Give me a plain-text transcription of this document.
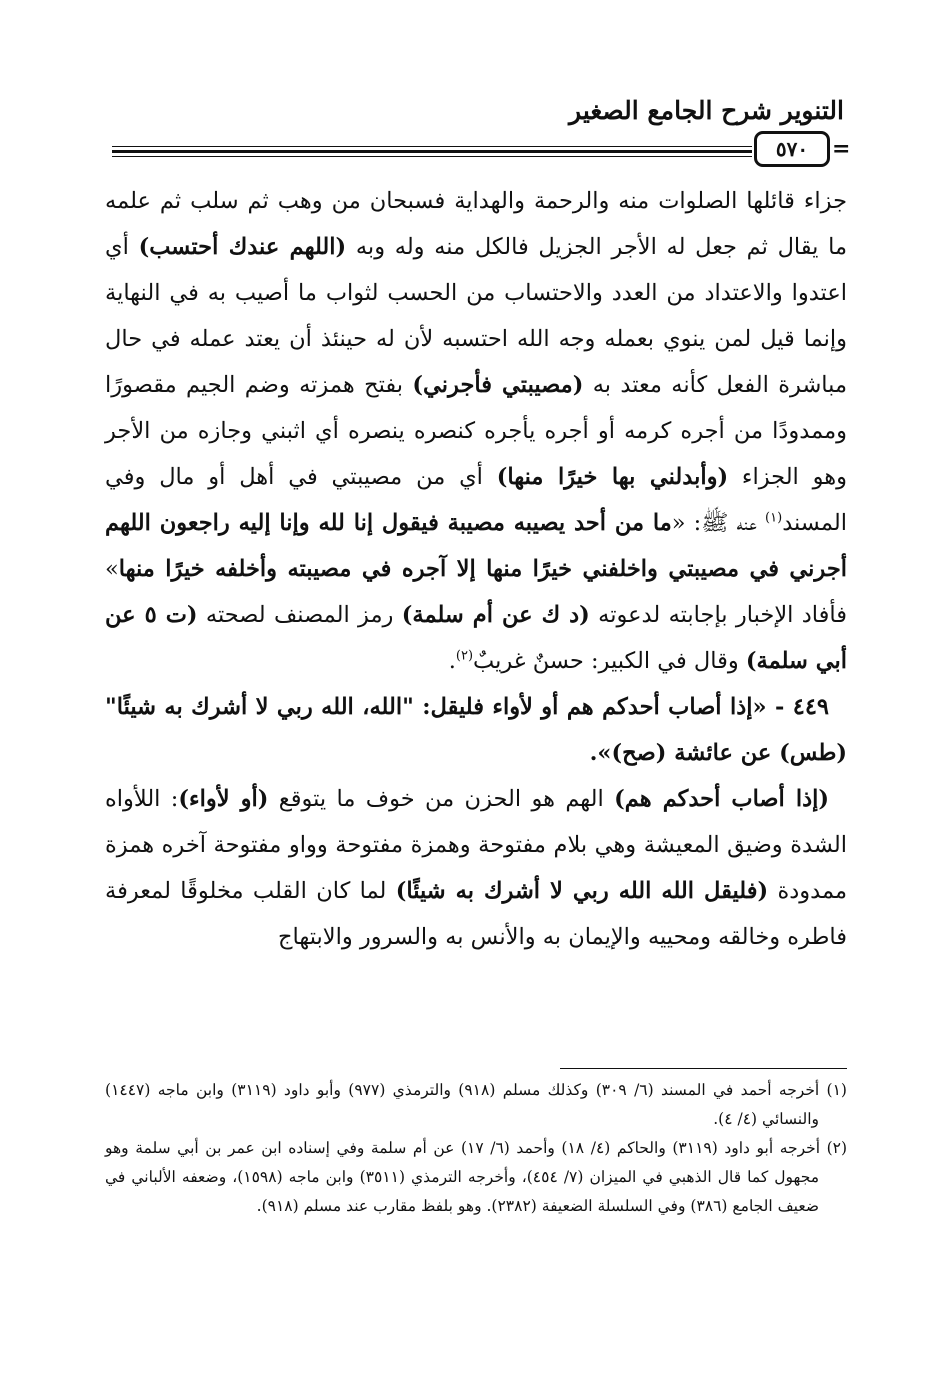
التنوير شرح الجامع الصغير
٥٧٠ =

جزاء قائلها الصلوات منه والرحمة والهداية فسبحان من وهب ثم سلب ثم علمه ما يقال ثم جعل له الأجر الجزيل فالكل منه وله وبه (اللهم عندك أحتسب) أي اعتدوا والاعتداد من العدد والاحتساب من الحسب لثواب ما أصيب به في النهاية وإنما قيل لمن ينوي بعمله وجه الله احتسبه لأن له حينئذ أن يعتد عمله في حال مباشرة الفعل كأنه معتد به (مصيبتي فأجرني) بفتح همزته وضم الجيم مقصورًا وممدودًا من أجره كرمه أو أجره يأجره كنصره ينصره أي اثبني وجازه من الأجر وهو الجزاء (وأبدلني بها خيرًا منها) أي من مصيبتي في أهل أو مال وفي المسند$^{(١)}$ عنه ﷺ: «ما من أحد يصيبه مصيبة فيقول إنا لله وإنا إليه راجعون اللهم أجرني في مصيبتي واخلفني خيرًا منها إلا آجره في مصيبته وأخلفه خيرًا منها» فأفاد الإخبار بإجابته لدعوته (د ك عن أم سلمة) رمز المصنف لصحته (ت ٥ عن أبي سلمة) وقال في الكبير: حسنٌ غريبٌ$^{(٢)}$.

٤٤٩ - «إذا أصاب أحدكم هم أو لأواء فليقل: "الله، الله ربي لا أشرك به شيئًا" (طس) عن عائشة (صح)».

(إذا أصاب أحدكم هم) الهم هو الحزن من خوف ما يتوقع (أو لأواء): اللأواه الشدة وضيق المعيشة وهي بلام مفتوحة وهمزة مفتوحة وواو مفتوحة آخره همزة ممدودة (فليقل الله الله ربي لا أشرك به شيئًا) لما كان القلب مخلوقًا لمعرفة فاطره وخالقه ومحييه والإيمان به والأنس به والسرور والابتهاج

(١) أخرجه أحمد في المسند (٦/ ٣٠٩) وكذلك مسلم (٩١٨) والترمذي (٩٧٧) وأبو داود (٣١١٩) وابن ماجه (١٤٤٧) والنسائي (٤/ ٤).

(٢) أخرجه أبو داود (٣١١٩) والحاكم (٤/ ١٨) وأحمد (٦/ ١٧) عن أم سلمة وفي إسناده ابن عمر بن أبي سلمة وهو مجهول كما قال الذهبي في الميزان (٧/ ٤٥٤)، وأخرجه الترمذي (٣٥١١) وابن ماجه (١٥٩٨)، وضعفه الألباني في ضعيف الجامع (٣٨٦) وفي السلسلة الضعيفة (٢٣٨٢). وهو بلفظ مقارب عند مسلم (٩١٨).
